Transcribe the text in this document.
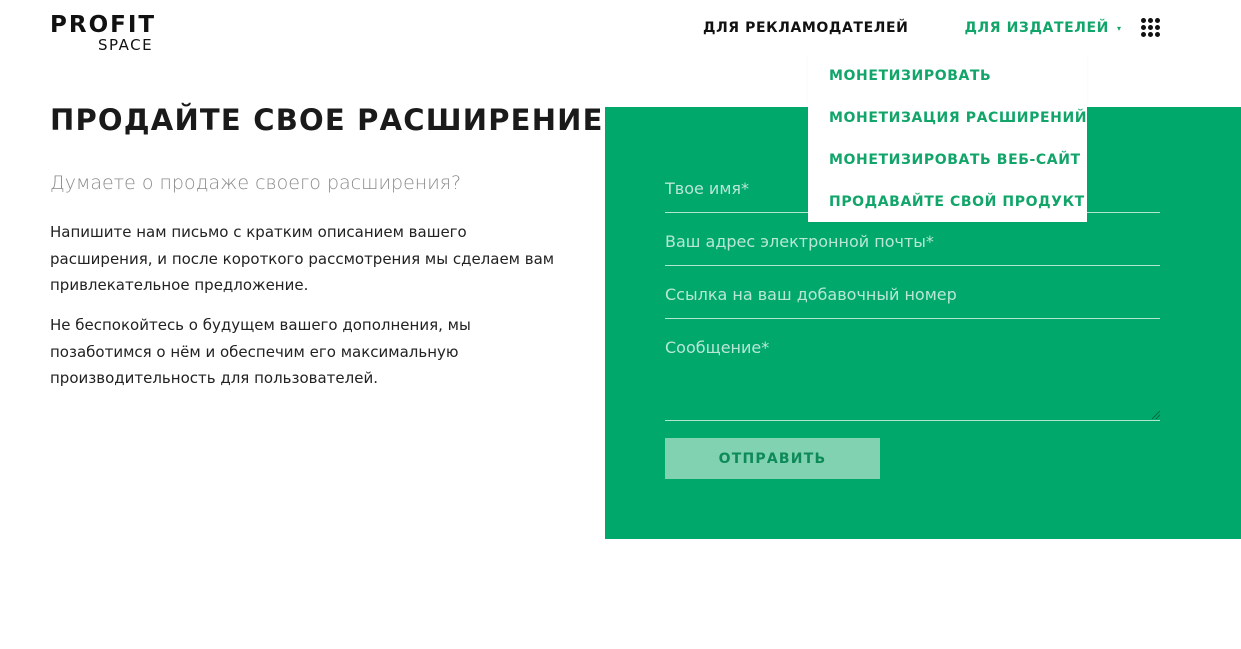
PROFIT
SPACE
ДЛЯ РЕКЛАМОДАТЕЛЕЙ	ДЛЯ ИЗДАТЕЛЕЙ ▾
ПРОДАЙТЕ СВОЕ РАСШИРЕНИЕ

Думаете о продаже своего расширения?

Напишите нам письмо с кратким описанием вашего расширения, и после короткого рассмотрения мы сделаем вам привлекательное предложение.

Не беспокойтесь о будущем вашего дополнения, мы позаботимся о нём и обеспечим его максимальную производительность для пользователей.

Твое имя*
Ваш адрес электронной почты*
Ссылка на ваш добавочный номер
Сообщение*
ОТПРАВИТЬ
МОНЕТИЗИРОВАТЬ
МОНЕТИЗАЦИЯ РАСШИРЕНИЙ
МОНЕТИЗИРОВАТЬ ВЕБ-САЙТ
ПРОДАВАЙТЕ СВОЙ ПРОДУКТ
